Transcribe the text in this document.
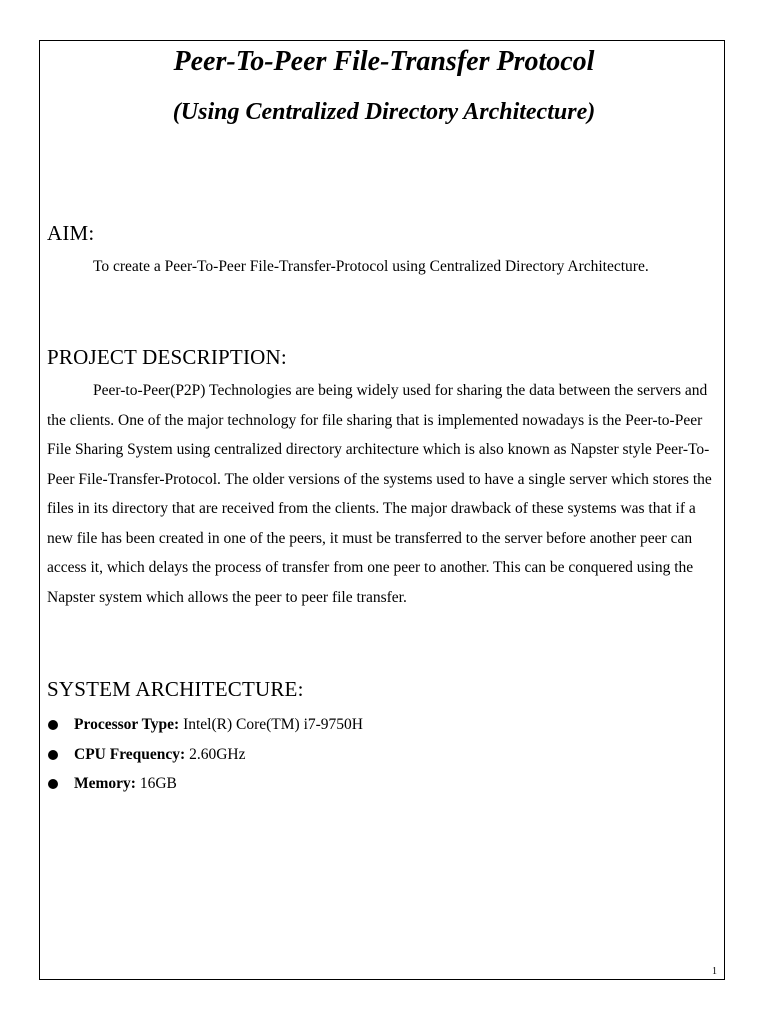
Peer-To-Peer File-Transfer Protocol
(Using Centralized Directory Architecture)
AIM:

To create a Peer-To-Peer File-Transfer-Protocol using Centralized Directory Architecture.

PROJECT DESCRIPTION:

Peer-to-Peer(P2P) Technologies are being widely used for sharing the data between the servers and the clients. One of the major technology for file sharing that is implemented nowadays is the Peer-to-Peer File Sharing System using centralized directory architecture which is also known as Napster style Peer-To-Peer File-Transfer-Protocol. The older versions of the systems used to have a single server which stores the files in its directory that are received from the clients. The major drawback of these systems was that if a new file has been created in one of the peers, it must be transferred to the server before another peer can access it, which delays the process of transfer from one peer to another. This can be conquered using the Napster system which allows the peer to peer file transfer.

SYSTEM ARCHITECTURE:
Processor Type: Intel(R) Core(TM) i7-9750H
CPU Frequency: 2.60GHz
Memory: 16GB
1
